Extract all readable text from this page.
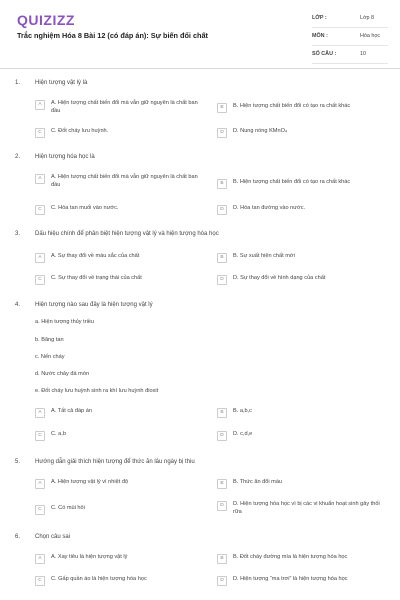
QUIZIZZ
Trắc nghiệm Hóa 8 Bài 12 (có đáp án): Sự biến đổi chất
LỚP :	Lớp 8
MÔN :	Hóa học
SỐ CÂU :	10
1. Hiện tượng vật lý là
A	A. Hiện tượng chất biến đổi mà vẫn giữ nguyên là chất ban đầu	B	B. Hiện tượng chất biến đổi có tạo ra chất khác
C	C. Đốt cháy lưu huỳnh.	D	D. Nung nóng KMnO₄
2. Hiện tượng hóa học là
A	A. Hiện tượng chất biến đổi mà vẫn giữ nguyên là chất ban đầu	B	B. Hiện tượng chất biến đổi có tạo ra chất khác
C	C. Hòa tan muối vào nước.	D	D. Hòa tan đường vào nước.
3. Dấu hiệu chính để phân biệt hiện tượng vật lý và hiện tượng hóa học
A	A. Sự thay đổi về màu sắc của chất	B	B. Sự xuất hiện chất mới
C	C. Sự thay đổi về trạng thái của chất	D	D. Sự thay đổi về hình dạng của chất
4. Hiện tượng nào sau đây là hiện tượng vật lý
a. Hiện tượng thủy triều
b. Băng tan
c. Nến cháy
d. Nước chảy đá mòn
e. Đốt cháy lưu huỳnh sinh ra khí lưu huỳnh đioxit
A	A. Tất cả đáp án	B	B. a,b,c
C	C. a,b	D	D. c,d,e
5. Hướng dẫn giải thích hiện tượng để thức ăn lâu ngày bị thiu
A	A. Hiện tượng vật lý vì nhiệt độ	B	B. Thức ăn đổi màu
C	C. Có mùi hôi	D	D. Hiện tượng hóa học vì bị các vi khuẩn hoạt sinh gây thối rữa
6. Chọn câu sai
A	A. Xay tiêu là hiện tượng vật lý	B	B. Đốt cháy đường mía là hiện tượng hóa học
C	C. Gấp quần áo là hiện tượng hóa học	D	D. Hiện tượng “ma trơi” là hiện tượng hóa học
